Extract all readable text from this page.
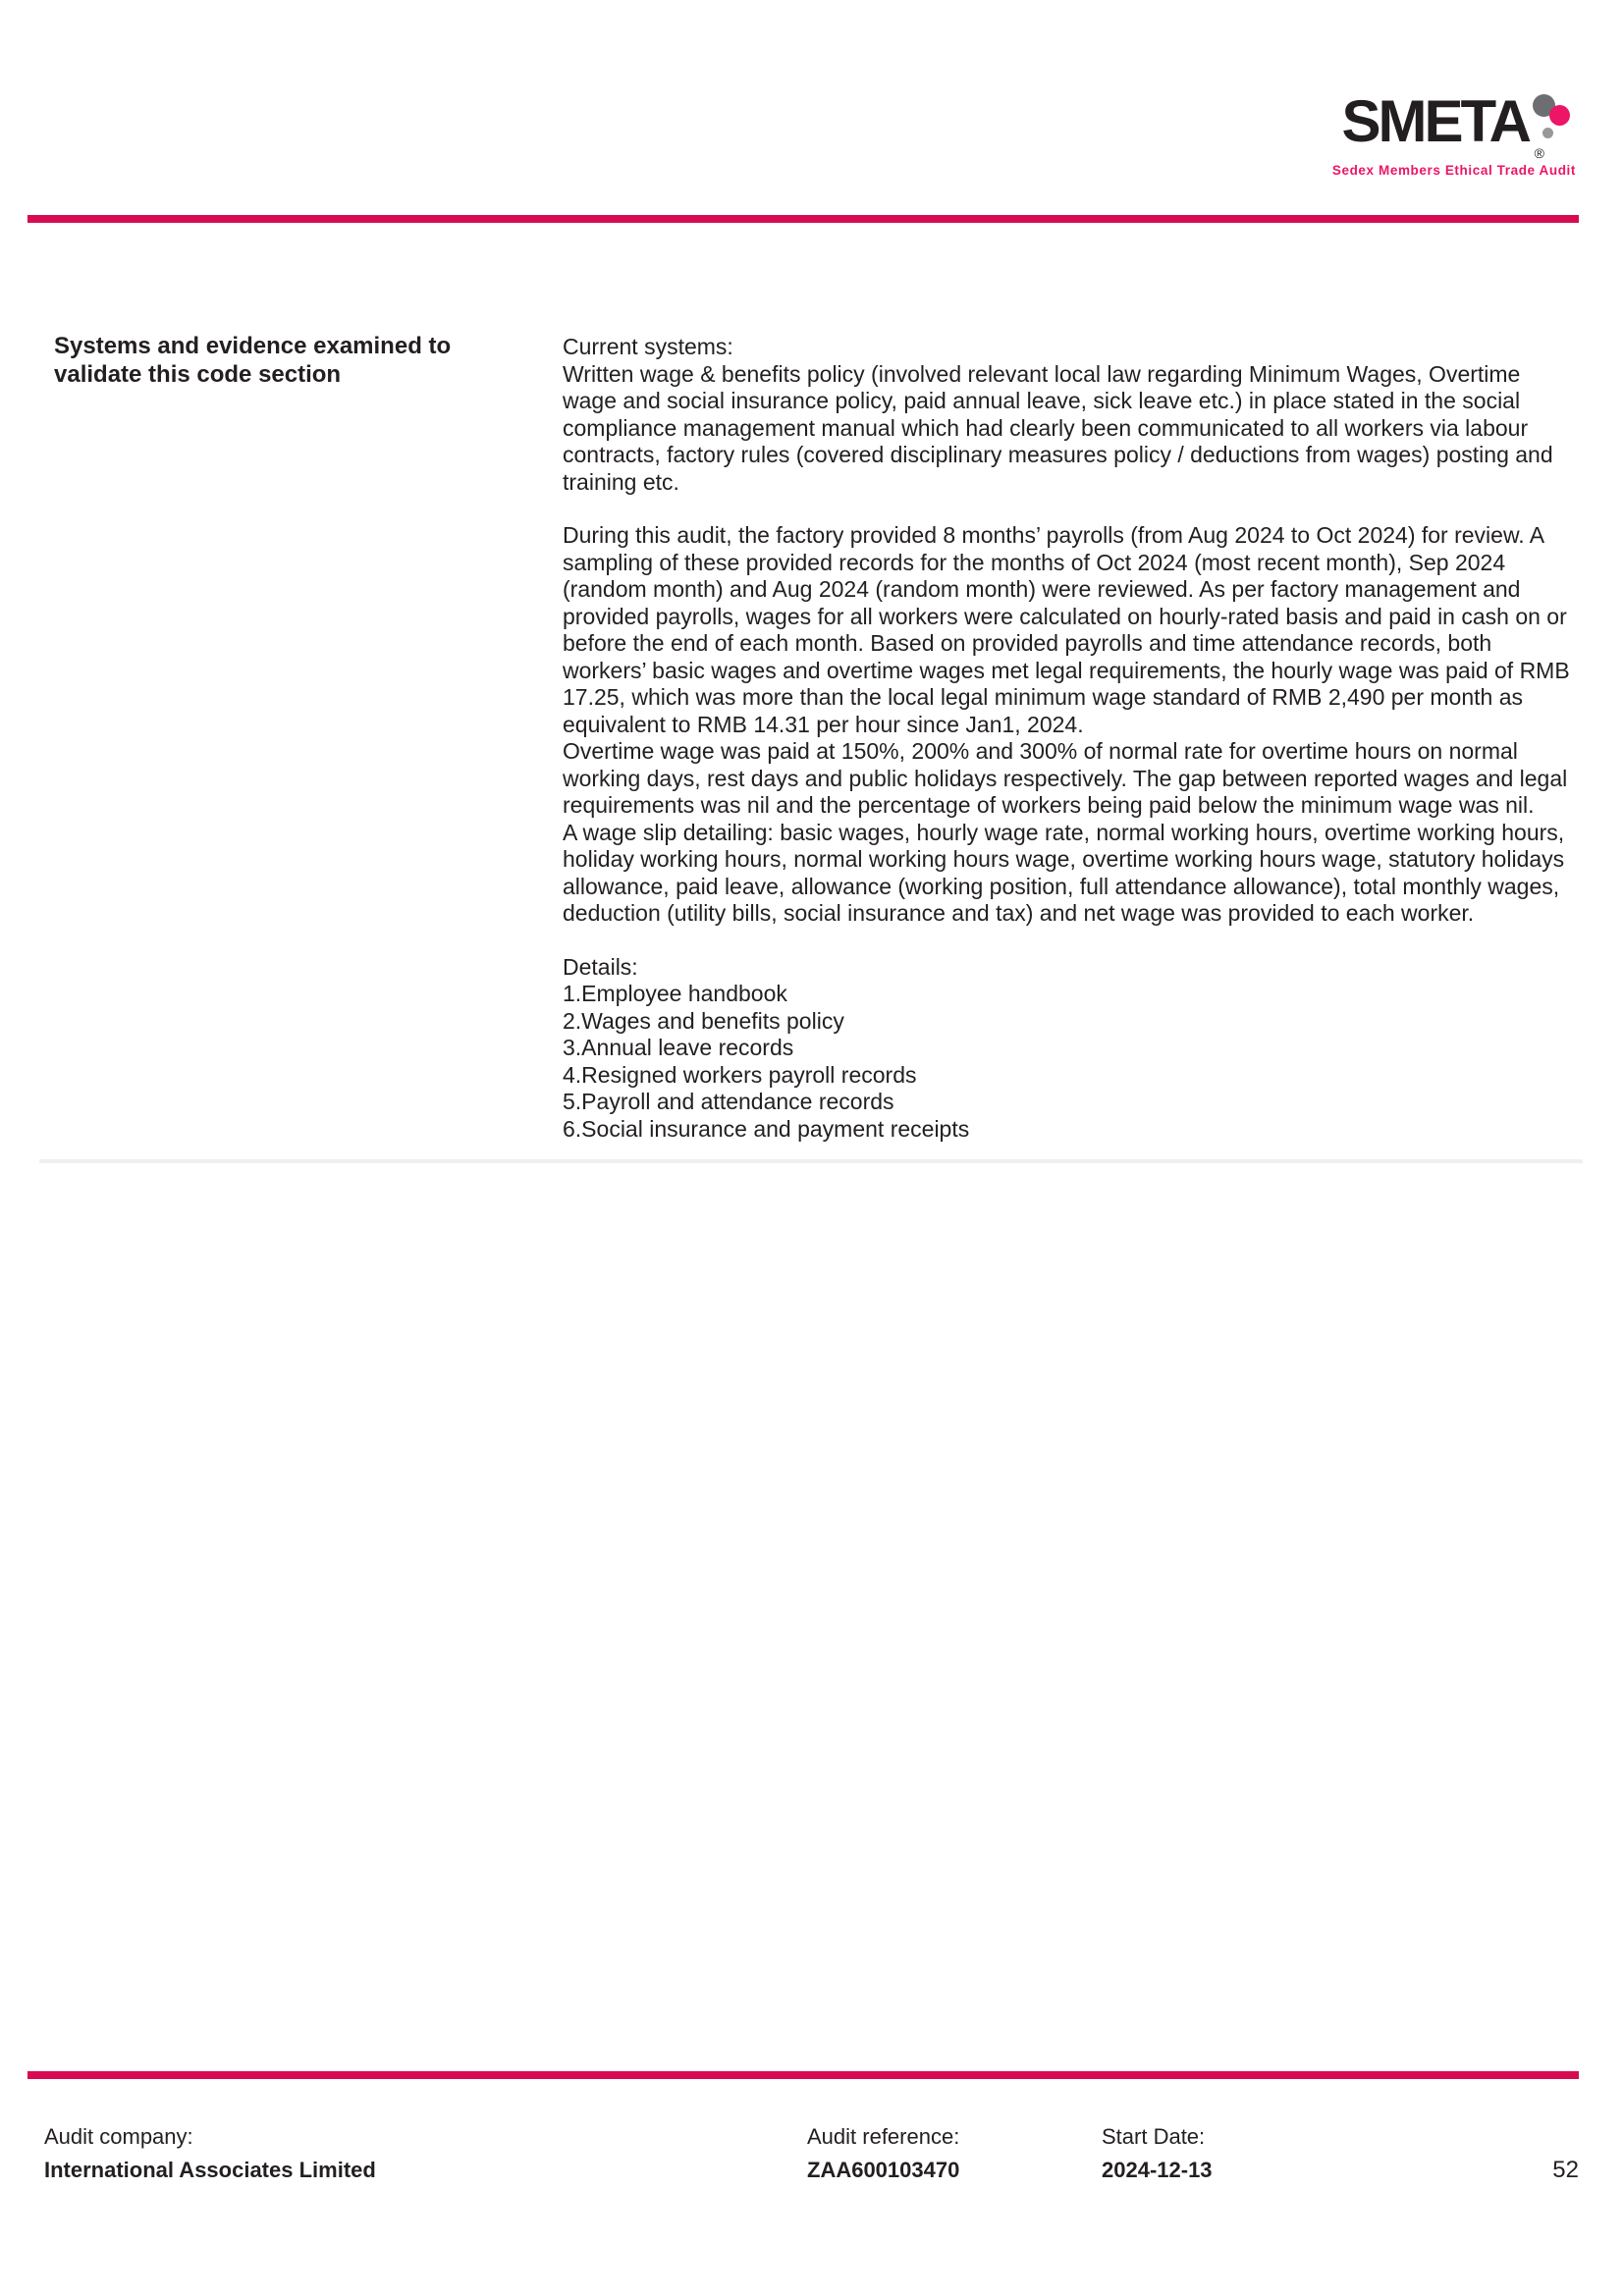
SMETA ®
Sedex Members Ethical Trade Audit
Systems and evidence examined to validate this code section
Current systems:
Written wage & benefits policy (involved relevant local law regarding Minimum Wages, Overtime wage and social insurance policy, paid annual leave, sick leave etc.) in place stated in the social compliance management manual which had clearly been communicated to all workers via labour contracts, factory rules (covered disciplinary measures policy / deductions from wages) posting and training etc.
During this audit, the factory provided 8 months’ payrolls (from Aug 2024 to Oct 2024) for review. A sampling of these provided records for the months of Oct 2024 (most recent month), Sep 2024 (random month) and Aug 2024 (random month) were reviewed. As per factory management and provided payrolls, wages for all workers were calculated on hourly-rated basis and paid in cash on or before the end of each month. Based on provided payrolls and time attendance records, both workers’ basic wages and overtime wages met legal requirements, the hourly wage was paid of RMB 17.25, which was more than the local legal minimum wage standard of RMB 2,490 per month as equivalent to RMB 14.31 per hour since Jan1, 2024.
Overtime wage was paid at 150%, 200% and 300% of normal rate for overtime hours on normal working days, rest days and public holidays respectively. The gap between reported wages and legal requirements was nil and the percentage of workers being paid below the minimum wage was nil.
A wage slip detailing: basic wages, hourly wage rate, normal working hours, overtime working hours, holiday working hours, normal working hours wage, overtime working hours wage, statutory holidays allowance, paid leave, allowance (working position, full attendance allowance), total monthly wages, deduction (utility bills, social insurance and tax) and net wage was provided to each worker.
Details:
1.Employee handbook
2.Wages and benefits policy
3.Annual leave records
4.Resigned workers payroll records
5.Payroll and attendance records
6.Social insurance and payment receipts
Audit company:
International Associates Limited
Audit reference:
ZAA600103470
Start Date:
2024-12-13	52
